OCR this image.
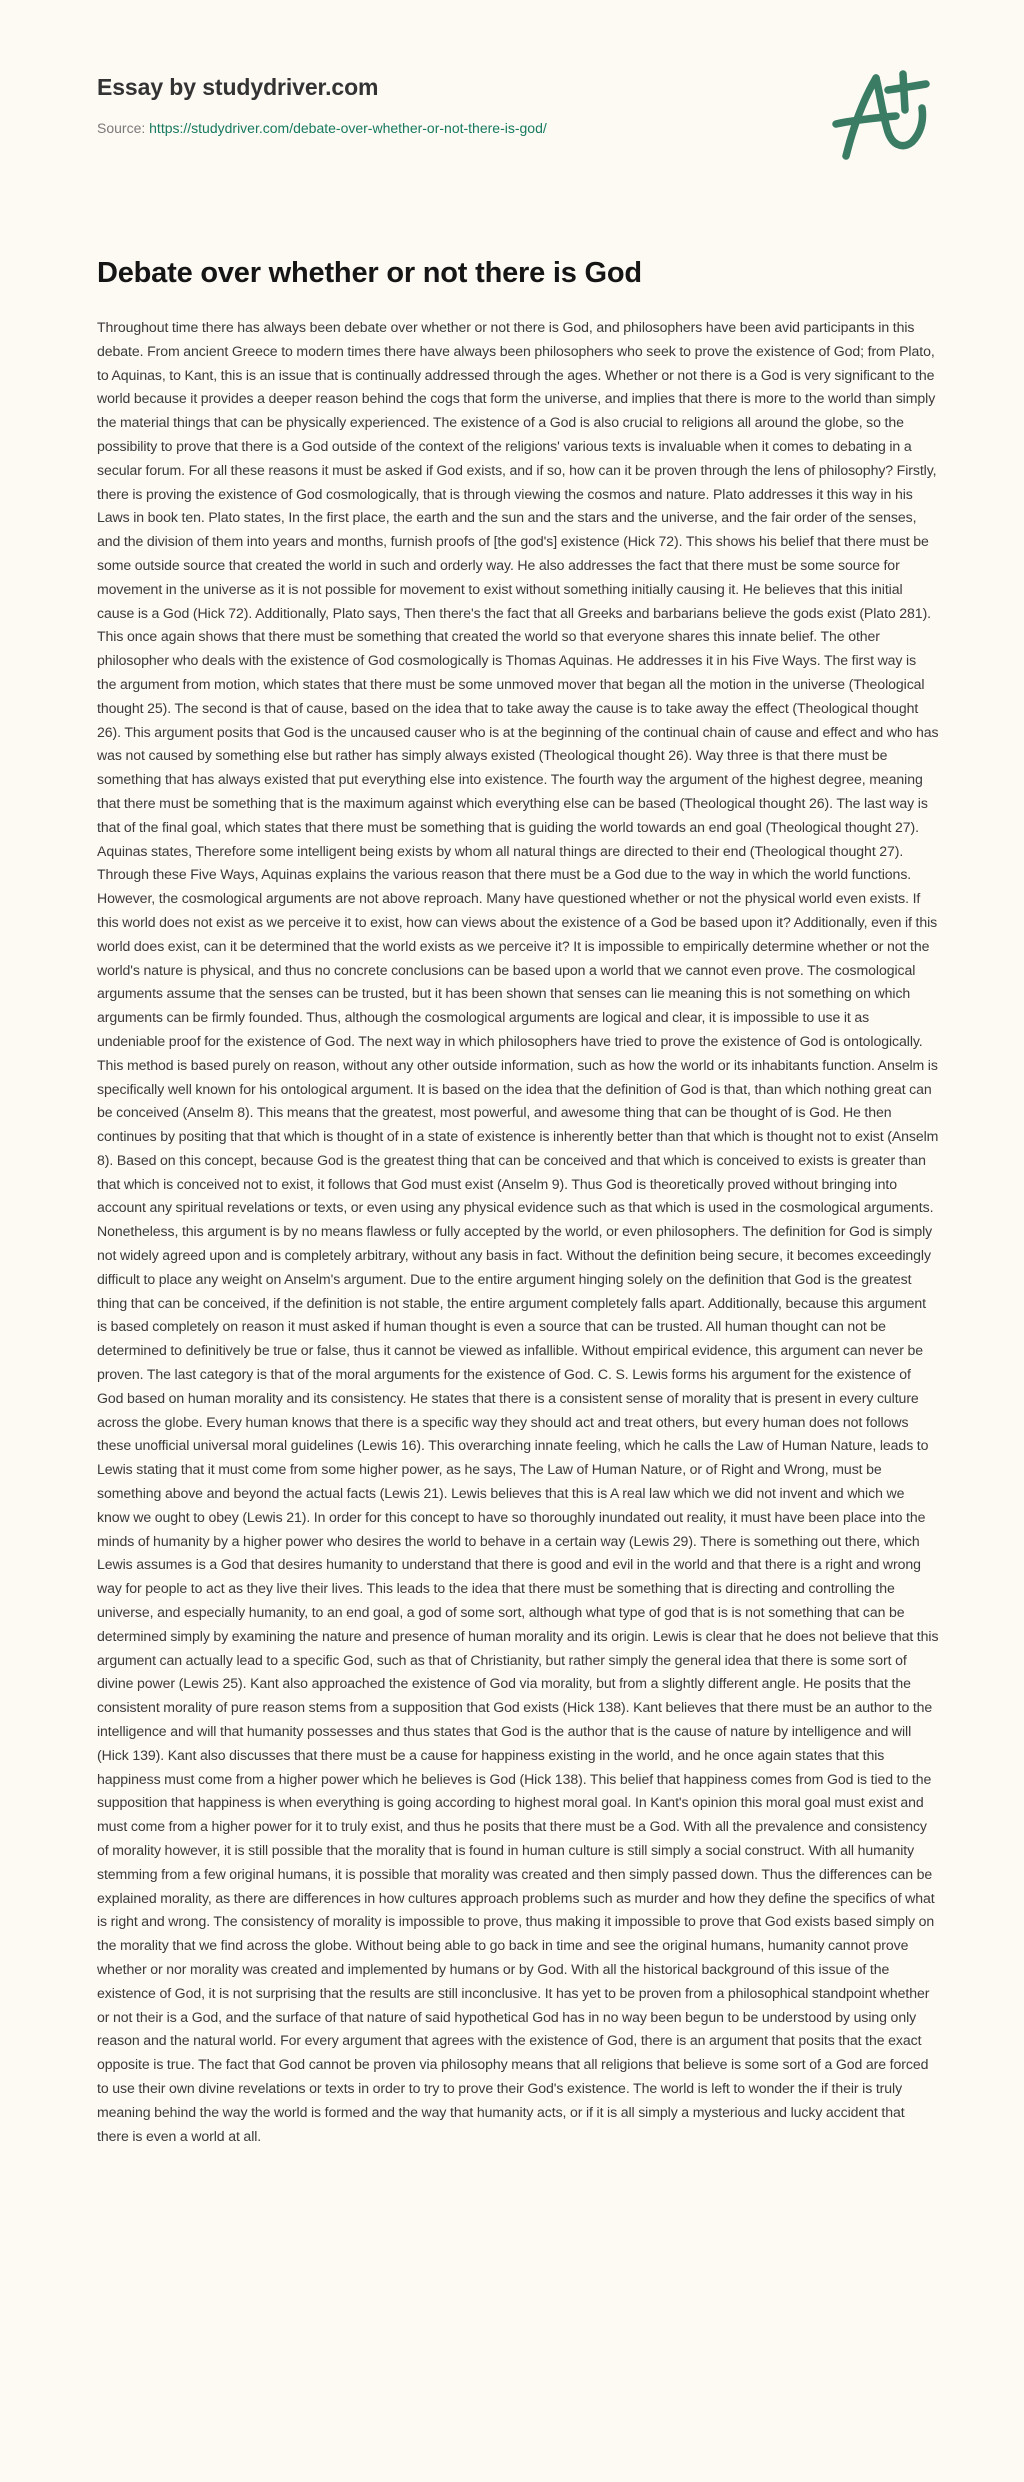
Essay by studydriver.com
Source: https://studydriver.com/debate-over-whether-or-not-there-is-god/
Debate over whether or not there is God

Throughout time there has always been debate over whether or not there is God, and philosophers have been avid participants in this debate. From ancient Greece to modern times there have always been philosophers who seek to prove the existence of God; from Plato, to Aquinas, to Kant, this is an issue that is continually addressed through the ages. Whether or not there is a God is very significant to the world because it provides a deeper reason behind the cogs that form the universe, and implies that there is more to the world than simply the material things that can be physically experienced. The existence of a God is also crucial to religions all around the globe, so the possibility to prove that there is a God outside of the context of the religions' various texts is invaluable when it comes to debating in a secular forum. For all these reasons it must be asked if God exists, and if so, how can it be proven through the lens of philosophy? Firstly, there is proving the existence of God cosmologically, that is through viewing the cosmos and nature. Plato addresses it this way in his Laws in book ten. Plato states, In the first place, the earth and the sun and the stars and the universe, and the fair order of the senses, and the division of them into years and months, furnish proofs of [the god's] existence (Hick 72). This shows his belief that there must be some outside source that created the world in such and orderly way. He also addresses the fact that there must be some source for movement in the universe as it is not possible for movement to exist without something initially causing it. He believes that this initial cause is a God (Hick 72). Additionally, Plato says, Then there's the fact that all Greeks and barbarians believe the gods exist (Plato 281). This once again shows that there must be something that created the world so that everyone shares this innate belief. The other philosopher who deals with the existence of God cosmologically is Thomas Aquinas. He addresses it in his Five Ways. The first way is the argument from motion, which states that there must be some unmoved mover that began all the motion in the universe (Theological thought 25). The second is that of cause, based on the idea that to take away the cause is to take away the effect (Theological thought 26). This argument posits that God is the uncaused causer who is at the beginning of the continual chain of cause and effect and who has was not caused by something else but rather has simply always existed (Theological thought 26). Way three is that there must be something that has always existed that put everything else into existence. The fourth way the argument of the highest degree, meaning that there must be something that is the maximum against which everything else can be based (Theological thought 26). The last way is that of the final goal, which states that there must be something that is guiding the world towards an end goal (Theological thought 27). Aquinas states, Therefore some intelligent being exists by whom all natural things are directed to their end (Theological thought 27). Through these Five Ways, Aquinas explains the various reason that there must be a God due to the way in which the world functions. However, the cosmological arguments are not above reproach. Many have questioned whether or not the physical world even exists. If this world does not exist as we perceive it to exist, how can views about the existence of a God be based upon it? Additionally, even if this world does exist, can it be determined that the world exists as we perceive it? It is impossible to empirically determine whether or not the world's nature is physical, and thus no concrete conclusions can be based upon a world that we cannot even prove. The cosmological arguments assume that the senses can be trusted, but it has been shown that senses can lie meaning this is not something on which arguments can be firmly founded. Thus, although the cosmological arguments are logical and clear, it is impossible to use it as undeniable proof for the existence of God. The next way in which philosophers have tried to prove the existence of God is ontologically. This method is based purely on reason, without any other outside information, such as how the world or its inhabitants function. Anselm is specifically well known for his ontological argument. It is based on the idea that the definition of God is that, than which nothing great can be conceived (Anselm 8). This means that the greatest, most powerful, and awesome thing that can be thought of is God. He then continues by positing that that which is thought of in a state of existence is inherently better than that which is thought not to exist (Anselm 8). Based on this concept, because God is the greatest thing that can be conceived and that which is conceived to exists is greater than that which is conceived not to exist, it follows that God must exist (Anselm 9). Thus God is theoretically proved without bringing into account any spiritual revelations or texts, or even using any physical evidence such as that which is used in the cosmological arguments. Nonetheless, this argument is by no means flawless or fully accepted by the world, or even philosophers. The definition for God is simply not widely agreed upon and is completely arbitrary, without any basis in fact. Without the definition being secure, it becomes exceedingly difficult to place any weight on Anselm's argument. Due to the entire argument hinging solely on the definition that God is the greatest thing that can be conceived, if the definition is not stable, the entire argument completely falls apart. Additionally, because this argument is based completely on reason it must asked if human thought is even a source that can be trusted. All human thought can not be determined to definitively be true or false, thus it cannot be viewed as infallible. Without empirical evidence, this argument can never be proven. The last category is that of the moral arguments for the existence of God. C. S. Lewis forms his argument for the existence of God based on human morality and its consistency. He states that there is a consistent sense of morality that is present in every culture across the globe. Every human knows that there is a specific way they should act and treat others, but every human does not follows these unofficial universal moral guidelines (Lewis 16). This overarching innate feeling, which he calls the Law of Human Nature, leads to Lewis stating that it must come from some higher power, as he says, The Law of Human Nature, or of Right and Wrong, must be something above and beyond the actual facts (Lewis 21). Lewis believes that this is A real law which we did not invent and which we know we ought to obey (Lewis 21). In order for this concept to have so thoroughly inundated out reality, it must have been place into the minds of humanity by a higher power who desires the world to behave in a certain way (Lewis 29). There is something out there, which Lewis assumes is a God that desires humanity to understand that there is good and evil in the world and that there is a right and wrong way for people to act as they live their lives. This leads to the idea that there must be something that is directing and controlling the universe, and especially humanity, to an end goal, a god of some sort, although what type of god that is is not something that can be determined simply by examining the nature and presence of human morality and its origin. Lewis is clear that he does not believe that this argument can actually lead to a specific God, such as that of Christianity, but rather simply the general idea that there is some sort of divine power (Lewis 25). Kant also approached the existence of God via morality, but from a slightly different angle. He posits that the consistent morality of pure reason stems from a supposition that God exists (Hick 138). Kant believes that there must be an author to the intelligence and will that humanity possesses and thus states that God is the author that is the cause of nature by intelligence and will (Hick 139). Kant also discusses that there must be a cause for happiness existing in the world, and he once again states that this happiness must come from a higher power which he believes is God (Hick 138). This belief that happiness comes from God is tied to the supposition that happiness is when everything is going according to highest moral goal. In Kant's opinion this moral goal must exist and must come from a higher power for it to truly exist, and thus he posits that there must be a God. With all the prevalence and consistency of morality however, it is still possible that the morality that is found in human culture is still simply a social construct. With all humanity stemming from a few original humans, it is possible that morality was created and then simply passed down. Thus the differences can be explained morality, as there are differences in how cultures approach problems such as murder and how they define the specifics of what is right and wrong. The consistency of morality is impossible to prove, thus making it impossible to prove that God exists based simply on the morality that we find across the globe. Without being able to go back in time and see the original humans, humanity cannot prove whether or nor morality was created and implemented by humans or by God. With all the historical background of this issue of the existence of God, it is not surprising that the results are still inconclusive. It has yet to be proven from a philosophical standpoint whether or not their is a God, and the surface of that nature of said hypothetical God has in no way been begun to be understood by using only reason and the natural world. For every argument that agrees with the existence of God, there is an argument that posits that the exact opposite is true. The fact that God cannot be proven via philosophy means that all religions that believe is some sort of a God are forced to use their own divine revelations or texts in order to try to prove their God's existence. The world is left to wonder the if their is truly meaning behind the way the world is formed and the way that humanity acts, or if it is all simply a mysterious and lucky accident that there is even a world at all.
